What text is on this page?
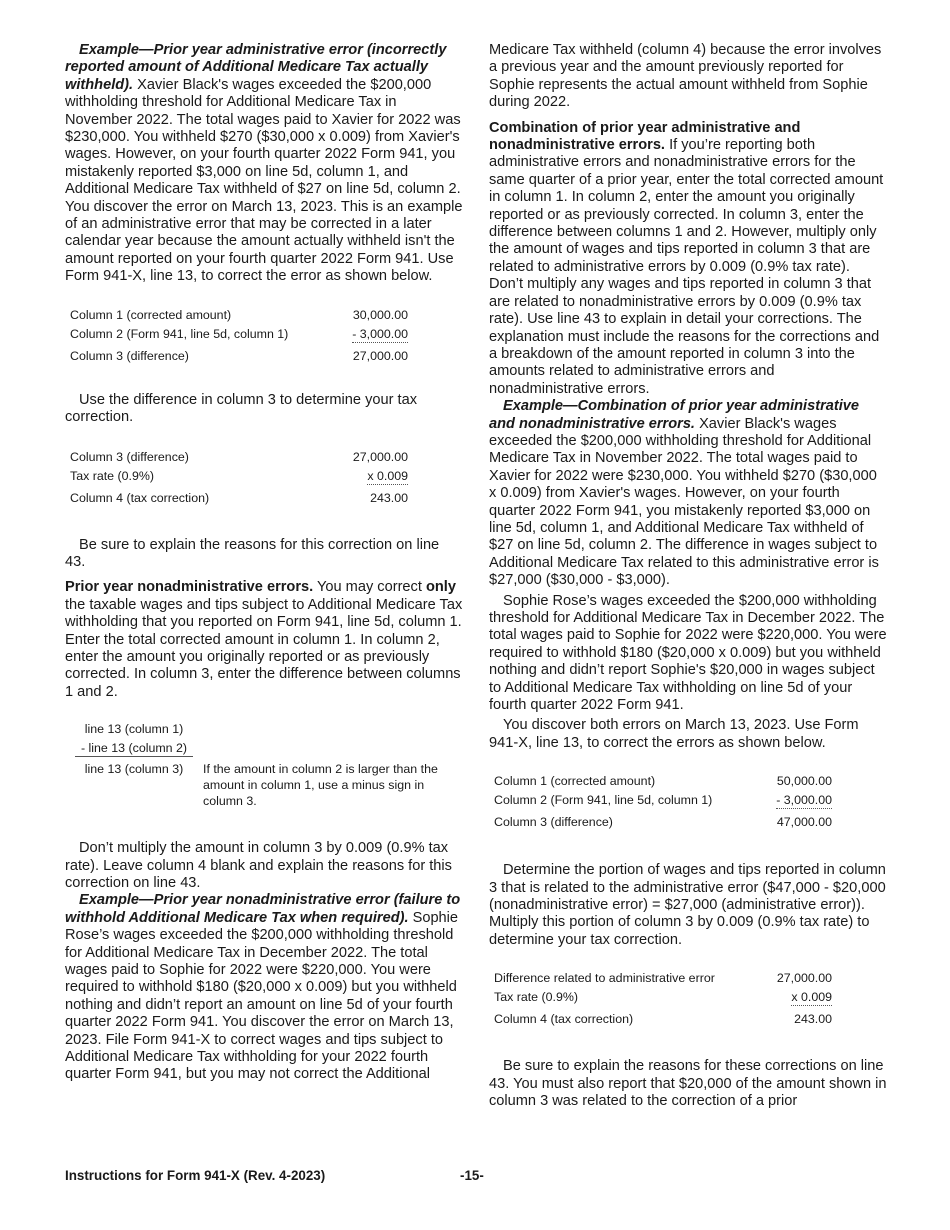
Example—Prior year administrative error (incorrectly reported amount of Additional Medicare Tax actually withheld). Xavier Black's wages exceeded the $200,000 withholding threshold for Additional Medicare Tax in November 2022. The total wages paid to Xavier for 2022 was $230,000. You withheld $270 ($30,000 x 0.009) from Xavier's wages. However, on your fourth quarter 2022 Form 941, you mistakenly reported $3,000 on line 5d, column 1, and Additional Medicare Tax withheld of $27 on line 5d, column 2. You discover the error on March 13, 2023. This is an example of an administrative error that may be corrected in a later calendar year because the amount actually withheld isn't the amount reported on your fourth quarter 2022 Form 941. Use Form 941-X, line 13, to correct the error as shown below.

Column 1 (corrected amount)	30,000.00
Column 2 (Form 941, line 5d, column 1)	- 3,000.00
Column 3 (difference)	27,000.00

Use the difference in column 3 to determine your tax correction.

Column 3 (difference)	27,000.00
Tax rate (0.9%)	x 0.009
Column 4 (tax correction)	243.00

Be sure to explain the reasons for this correction on line 43.

Prior year nonadministrative errors. You may correct only the taxable wages and tips subject to Additional Medicare Tax withholding that you reported on Form 941, line 5d, column 1. Enter the total corrected amount in column 1. In column 2, enter the amount you originally reported or as previously corrected. In column 3, enter the difference between columns 1 and 2.

line 13 (column 1)
- line 13 (column 2)
line 13 (column 3)	If the amount in column 2 is larger than the amount in column 1, use a minus sign in column 3.

Don’t multiply the amount in column 3 by 0.009 (0.9% tax rate). Leave column 4 blank and explain the reasons for this correction on line 43.

Example—Prior year nonadministrative error (failure to withhold Additional Medicare Tax when required). Sophie Rose’s wages exceeded the $200,000 withholding threshold for Additional Medicare Tax in December 2022. The total wages paid to Sophie for 2022 were $220,000. You were required to withhold $180 ($20,000 x 0.009) but you withheld nothing and didn’t report an amount on line 5d of your fourth quarter 2022 Form 941. You discover the error on March 13, 2023. File Form 941-X to correct wages and tips subject to Additional Medicare Tax withholding for your 2022 fourth quarter Form 941, but you may not correct the Additional

Medicare Tax withheld (column 4) because the error involves a previous year and the amount previously reported for Sophie represents the actual amount withheld from Sophie during 2022.

Combination of prior year administrative and nonadministrative errors. If you’re reporting both administrative errors and nonadministrative errors for the same quarter of a prior year, enter the total corrected amount in column 1. In column 2, enter the amount you originally reported or as previously corrected. In column 3, enter the difference between columns 1 and 2. However, multiply only the amount of wages and tips reported in column 3 that are related to administrative errors by 0.009 (0.9% tax rate). Don’t multiply any wages and tips reported in column 3 that are related to nonadministrative errors by 0.009 (0.9% tax rate). Use line 43 to explain in detail your corrections. The explanation must include the reasons for the corrections and a breakdown of the amount reported in column 3 into the amounts related to administrative errors and nonadministrative errors.

Example—Combination of prior year administrative and nonadministrative errors. Xavier Black's wages exceeded the $200,000 withholding threshold for Additional Medicare Tax in November 2022. The total wages paid to Xavier for 2022 were $230,000. You withheld $270 ($30,000 x 0.009) from Xavier's wages. However, on your fourth quarter 2022 Form 941, you mistakenly reported $3,000 on line 5d, column 1, and Additional Medicare Tax withheld of $27 on line 5d, column 2. The difference in wages subject to Additional Medicare Tax related to this administrative error is $27,000 ($30,000 - $3,000).

Sophie Rose’s wages exceeded the $200,000 withholding threshold for Additional Medicare Tax in December 2022. The total wages paid to Sophie for 2022 were $220,000. You were required to withhold $180 ($20,000 x 0.009) but you withheld nothing and didn’t report Sophie's $20,000 in wages subject to Additional Medicare Tax withholding on line 5d of your fourth quarter 2022 Form 941.

You discover both errors on March 13, 2023. Use Form 941-X, line 13, to correct the errors as shown below.

Column 1 (corrected amount)	50,000.00
Column 2 (Form 941, line 5d, column 1)	- 3,000.00
Column 3 (difference)	47,000.00

Determine the portion of wages and tips reported in column 3 that is related to the administrative error ($47,000 - $20,000 (nonadministrative error) = $27,000 (administrative error)). Multiply this portion of column 3 by 0.009 (0.9% tax rate) to determine your tax correction.

Difference related to administrative error	27,000.00
Tax rate (0.9%)	x 0.009
Column 4 (tax correction)	243.00

Be sure to explain the reasons for these corrections on line 43. You must also report that $20,000 of the amount shown in column 3 was related to the correction of a prior

Instructions for Form 941-X (Rev. 4-2023)	-15-
